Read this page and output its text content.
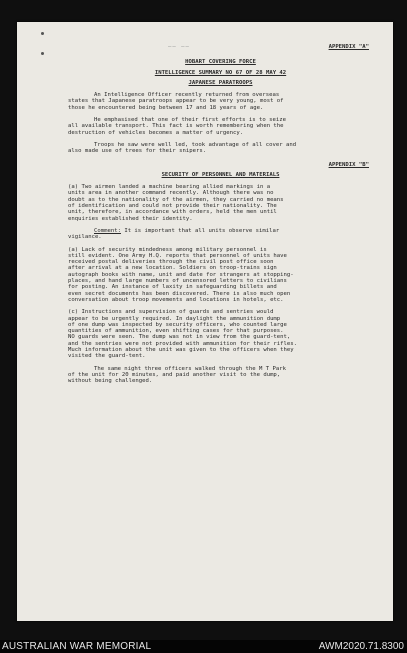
—— ——	APPENDIX "A"
HOBART COVERING FORCE
INTELLIGENCE SUMMARY NO 67 OF 28 MAY 42
JAPANESE PARATROOPS

An Intelligence Officer recently returned from overseas
states that Japanese paratroops appear to be very young, most of
those he encountered being between 17 and 18 years of age.

He emphasised that one of their first efforts is to seize
all available transport. This fact is worth remembering when the
destruction of vehicles becomes a matter of urgency.

Troops he saw were well led, took advantage of all cover and
also made use of trees for their snipers.

APPENDIX "B"
SECURITY OF PERSONNEL AND MATERIALS

(a) Two airmen landed a machine bearing allied markings in a
units area in another command recently. Although there was no
doubt as to the nationality of the airmen, they carried no means
of identification and could not provide their nationality. The
unit, therefore, in accordance with orders, held the men until
enquiries established their identity.

Comment: It is important that all units observe similar
vigilance.

(a) Lack of security mindedness among military personnel is
still evident. One Army H.Q. reports that personnel of units have
received postal deliveries through the civil post office soon
after arrival at a new location. Soldiers on troop-trains sign
autograph books with name, unit and date for strangers at stopping-
places, and hand large numbers of uncensored letters to civilians
for posting. An instance of laxity in safeguarding billets and
even secret documents has been discovered. There is also much open
conversation about troop movements and locations in hotels, etc.

(c) Instructions and supervision of guards and sentries would
appear to be urgently required. In daylight the ammunition dump
of one dump was inspected by security officers, who counted large
quantities of ammunition, even shifting cases for that purposes.
NO guards were seen. The dump was not in view from the guard-tent,
and the sentries were not provided with ammunition for their rifles.
Much information about the unit was given to the officers when they
visited the guard-tent.

The same night three officers walked through the M T Park
of the unit for 20 minutes, and paid another visit to the dump,
without being challenged.

AUSTRALIAN WAR MEMORIAL	AWM2020.71.8300
